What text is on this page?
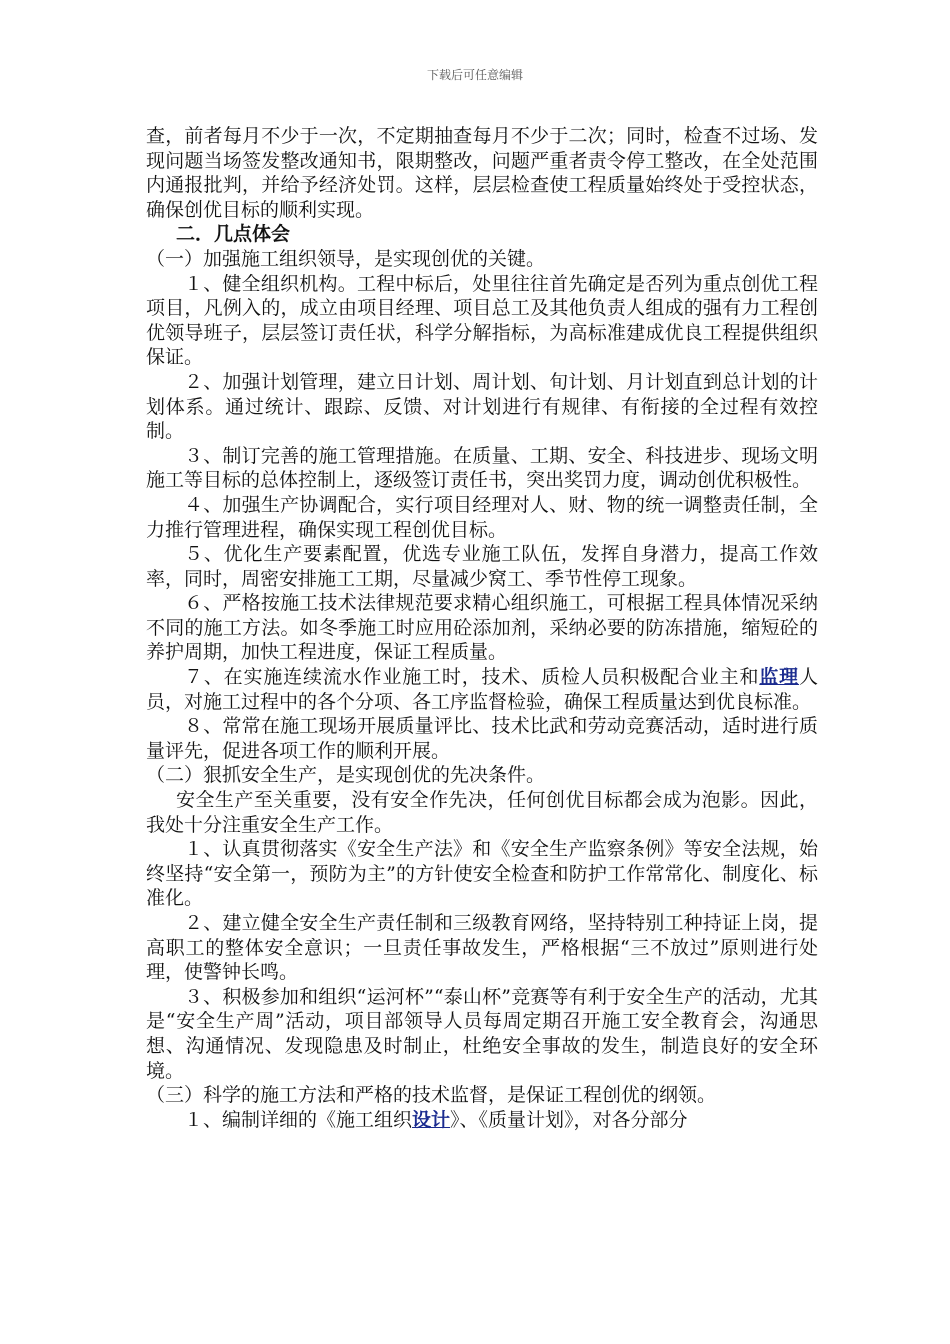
下载后可任意编辑

查，前者每月不少于一次，不定期抽查每月不少于二次；同时，检查不过场、发现问题当场签发整改通知书，限期整改，问题严重者责令停工整改，在全处范围内通报批判，并给予经济处罚。这样，层层检查使工程质量始终处于受控状态，确保创优目标的顺利实现。

二．几点体会

（一）加强施工组织领导，是实现创优的关键。

１、健全组织机构。工程中标后，处里往往首先确定是否列为重点创优工程项目，凡例入的，成立由项目经理、项目总工及其他负责人组成的强有力工程创优领导班子，层层签订责任状，科学分解指标，为高标准建成优良工程提供组织保证。

２、加强计划管理，建立日计划、周计划、旬计划、月计划直到总计划的计划体系。通过统计、跟踪、反馈、对计划进行有规律、有衔接的全过程有效控制。

３、制订完善的施工管理措施。在质量、工期、安全、科技进步、现场文明施工等目标的总体控制上，逐级签订责任书，突出奖罚力度，调动创优积极性。

４、加强生产协调配合，实行项目经理对人、财、物的统一调整责任制，全力推行管理进程，确保实现工程创优目标。

５、优化生产要素配置，优选专业施工队伍，发挥自身潜力，提高工作效率，同时，周密安排施工工期，尽量减少窝工、季节性停工现象。

６、严格按施工技术法律规范要求精心组织施工，可根据工程具体情况采纳不同的施工方法。如冬季施工时应用砼添加剂，采纳必要的防冻措施，缩短砼的养护周期，加快工程进度，保证工程质量。

７、在实施连续流水作业施工时，技术、质检人员积极配合业主和监理人员，对施工过程中的各个分项、各工序监督检验，确保工程质量达到优良标准。

８、常常在施工现场开展质量评比、技术比武和劳动竞赛活动，适时进行质量评先，促进各项工作的顺利开展。

（二）狠抓安全生产，是实现创优的先决条件。

安全生产至关重要，没有安全作先决，任何创优目标都会成为泡影。因此，我处十分注重安全生产工作。

１、认真贯彻落实《安全生产法》和《安全生产监察条例》等安全法规，始终坚持“安全第一，预防为主”的方针使安全检查和防护工作常常化、制度化、标准化。

２、建立健全安全生产责任制和三级教育网络，坚持特别工种持证上岗，提高职工的整体安全意识；一旦责任事故发生，严格根据“三不放过”原则进行处理，使警钟长鸣。

３、积极参加和组织“运河杯”“泰山杯”竞赛等有利于安全生产的活动，尤其是“安全生产周”活动，项目部领导人员每周定期召开施工安全教育会，沟通思想、沟通情况、发现隐患及时制止，杜绝安全事故的发生，制造良好的安全环境。

（三）科学的施工方法和严格的技术监督，是保证工程创优的纲领。

１、编制详细的《施工组织设计》、《质量计划》，对各分部分
